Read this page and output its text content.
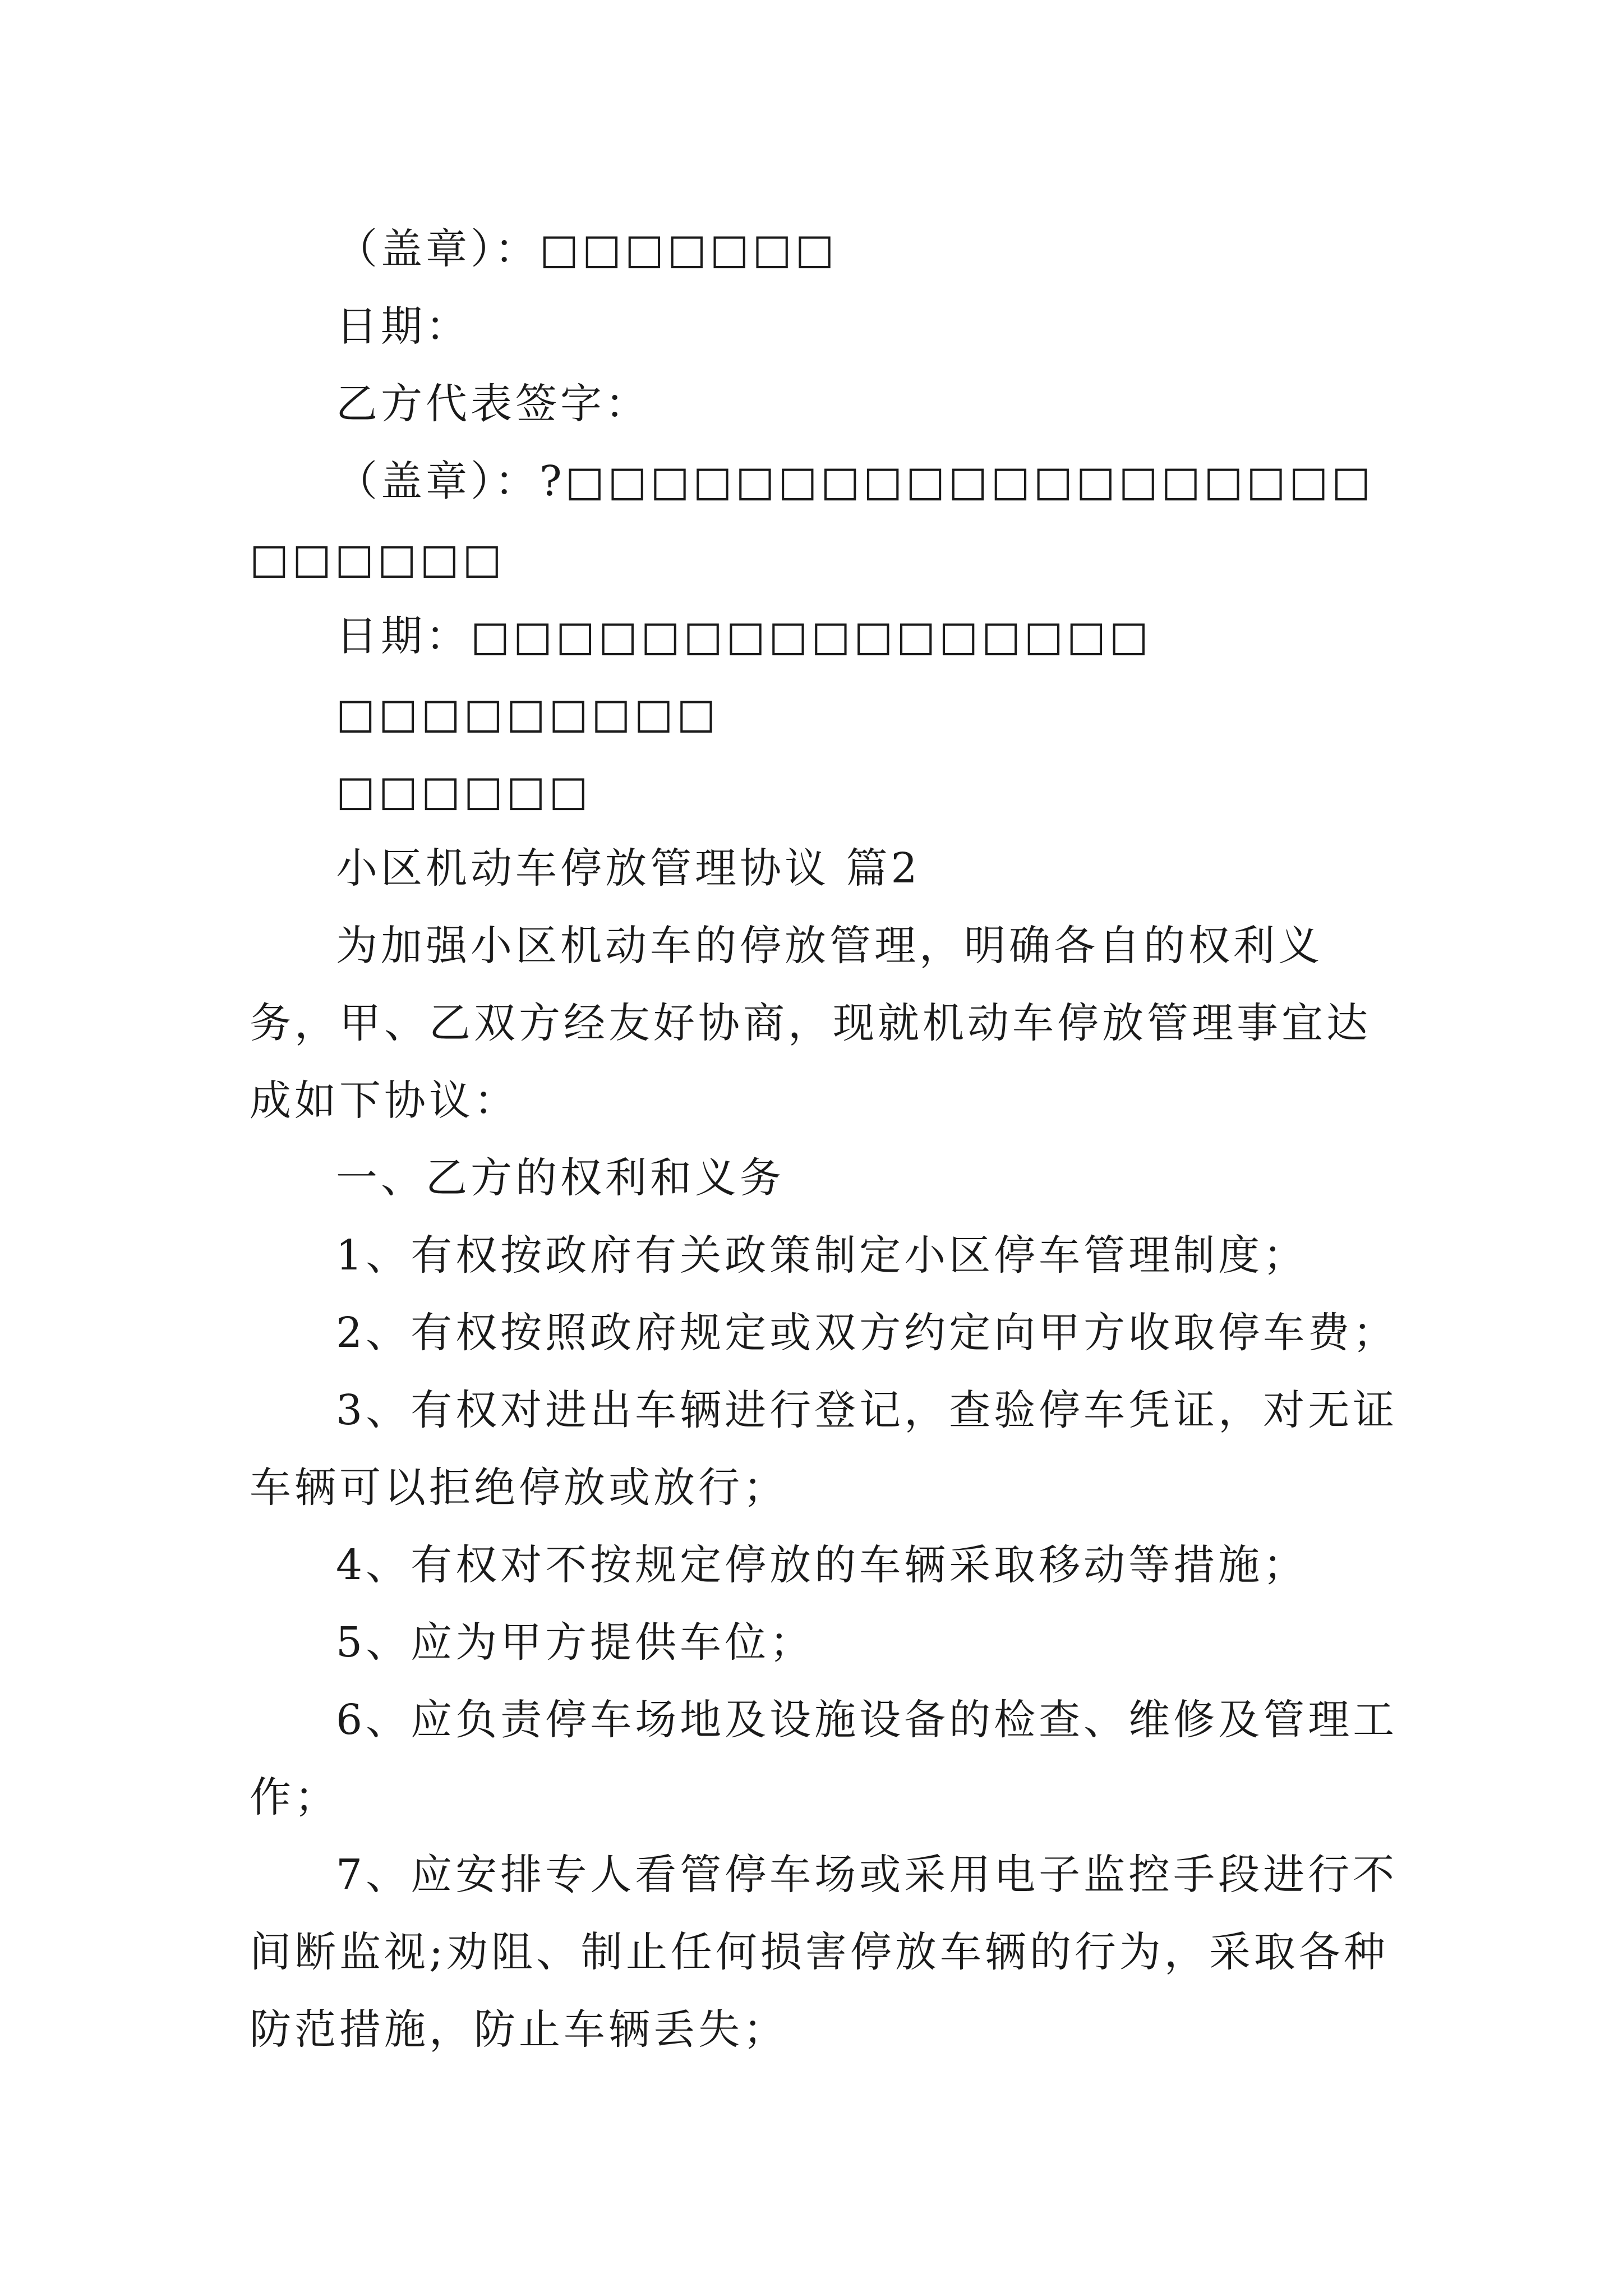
（盖章）：□□□□□□□

日期：

乙方代表签字：

（盖章）：?□□□□□□□□□□□□□□□□□□□□□□□□□

日期：□□□□□□□□□□□□□□□□

□□□□□□□□□

□□□□□□

小区机动车停放管理协议 篇2

为加强小区机动车的停放管理，明确各自的权利义务，甲、乙双方经友好协商，现就机动车停放管理事宜达成如下协议：

一、乙方的权利和义务

1、有权按政府有关政策制定小区停车管理制度；

2、有权按照政府规定或双方约定向甲方收取停车费；

3、有权对进出车辆进行登记，查验停车凭证，对无证车辆可以拒绝停放或放行；

4、有权对不按规定停放的车辆采取移动等措施；

5、应为甲方提供车位；

6、应负责停车场地及设施设备的检查、维修及管理工作；

7、应安排专人看管停车场或采用电子监控手段进行不间断监视;劝阻、制止任何损害停放车辆的行为，采取各种防范措施，防止车辆丢失；
